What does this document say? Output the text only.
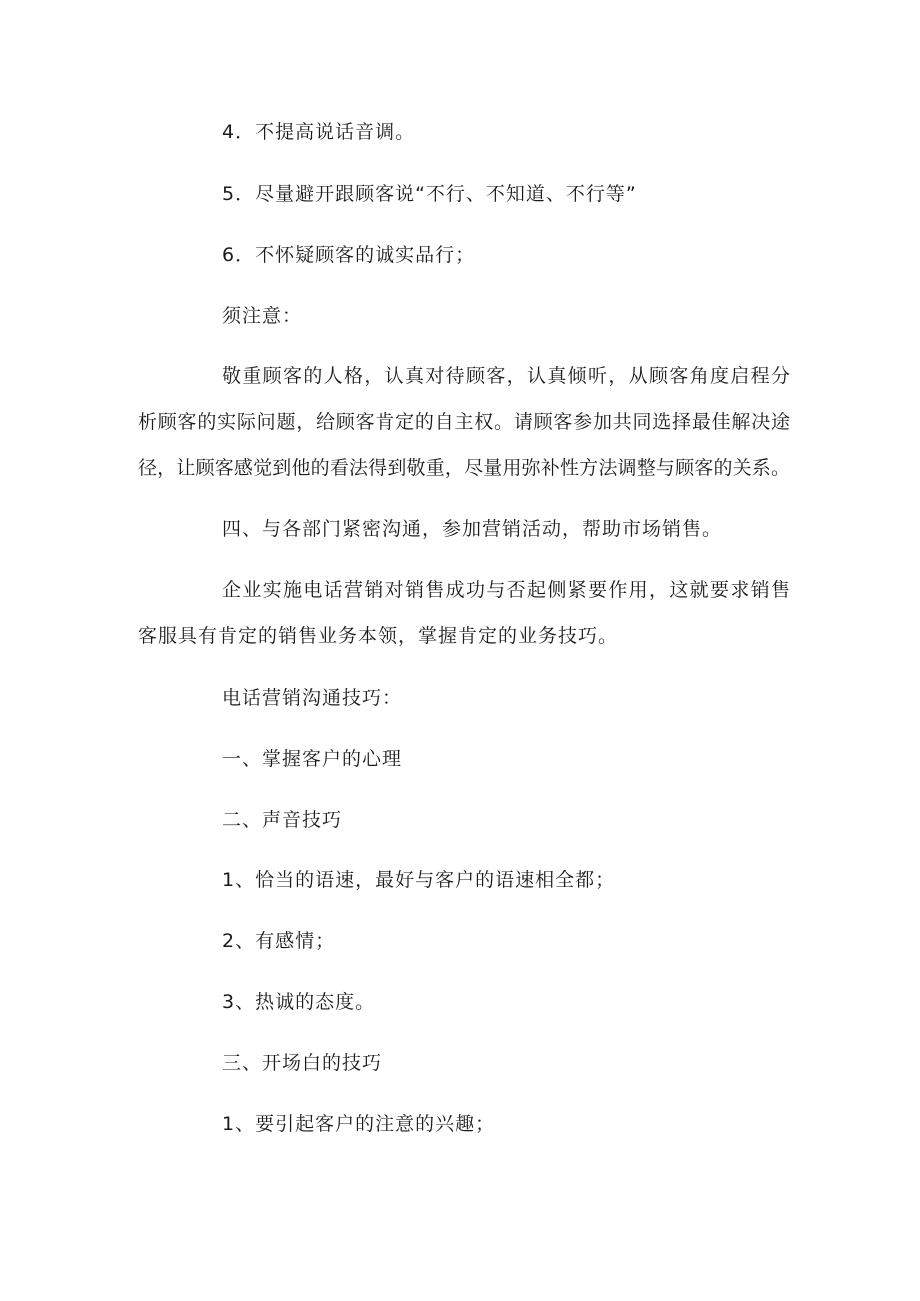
4．不提高说话音调。
5．尽量避开跟顾客说“不行、不知道、不行等”
6．不怀疑顾客的诚实品行；
须注意：
敬重顾客的人格，认真对待顾客，认真倾听，从顾客角度启程分
析顾客的实际问题，给顾客肯定的自主权。请顾客参加共同选择最佳解决途
径，让顾客感觉到他的看法得到敬重，尽量用弥补性方法调整与顾客的关系。
四、与各部门紧密沟通，参加营销活动，帮助市场销售。
企业实施电话营销对销售成功与否起侧紧要作用，这就要求销售
客服具有肯定的销售业务本领，掌握肯定的业务技巧。
电话营销沟通技巧：
一、掌握客户的心理
二、声音技巧
1、恰当的语速，最好与客户的语速相全都；
2、有感情；
3、热诚的态度。
三、开场白的技巧
1、要引起客户的注意的兴趣；
